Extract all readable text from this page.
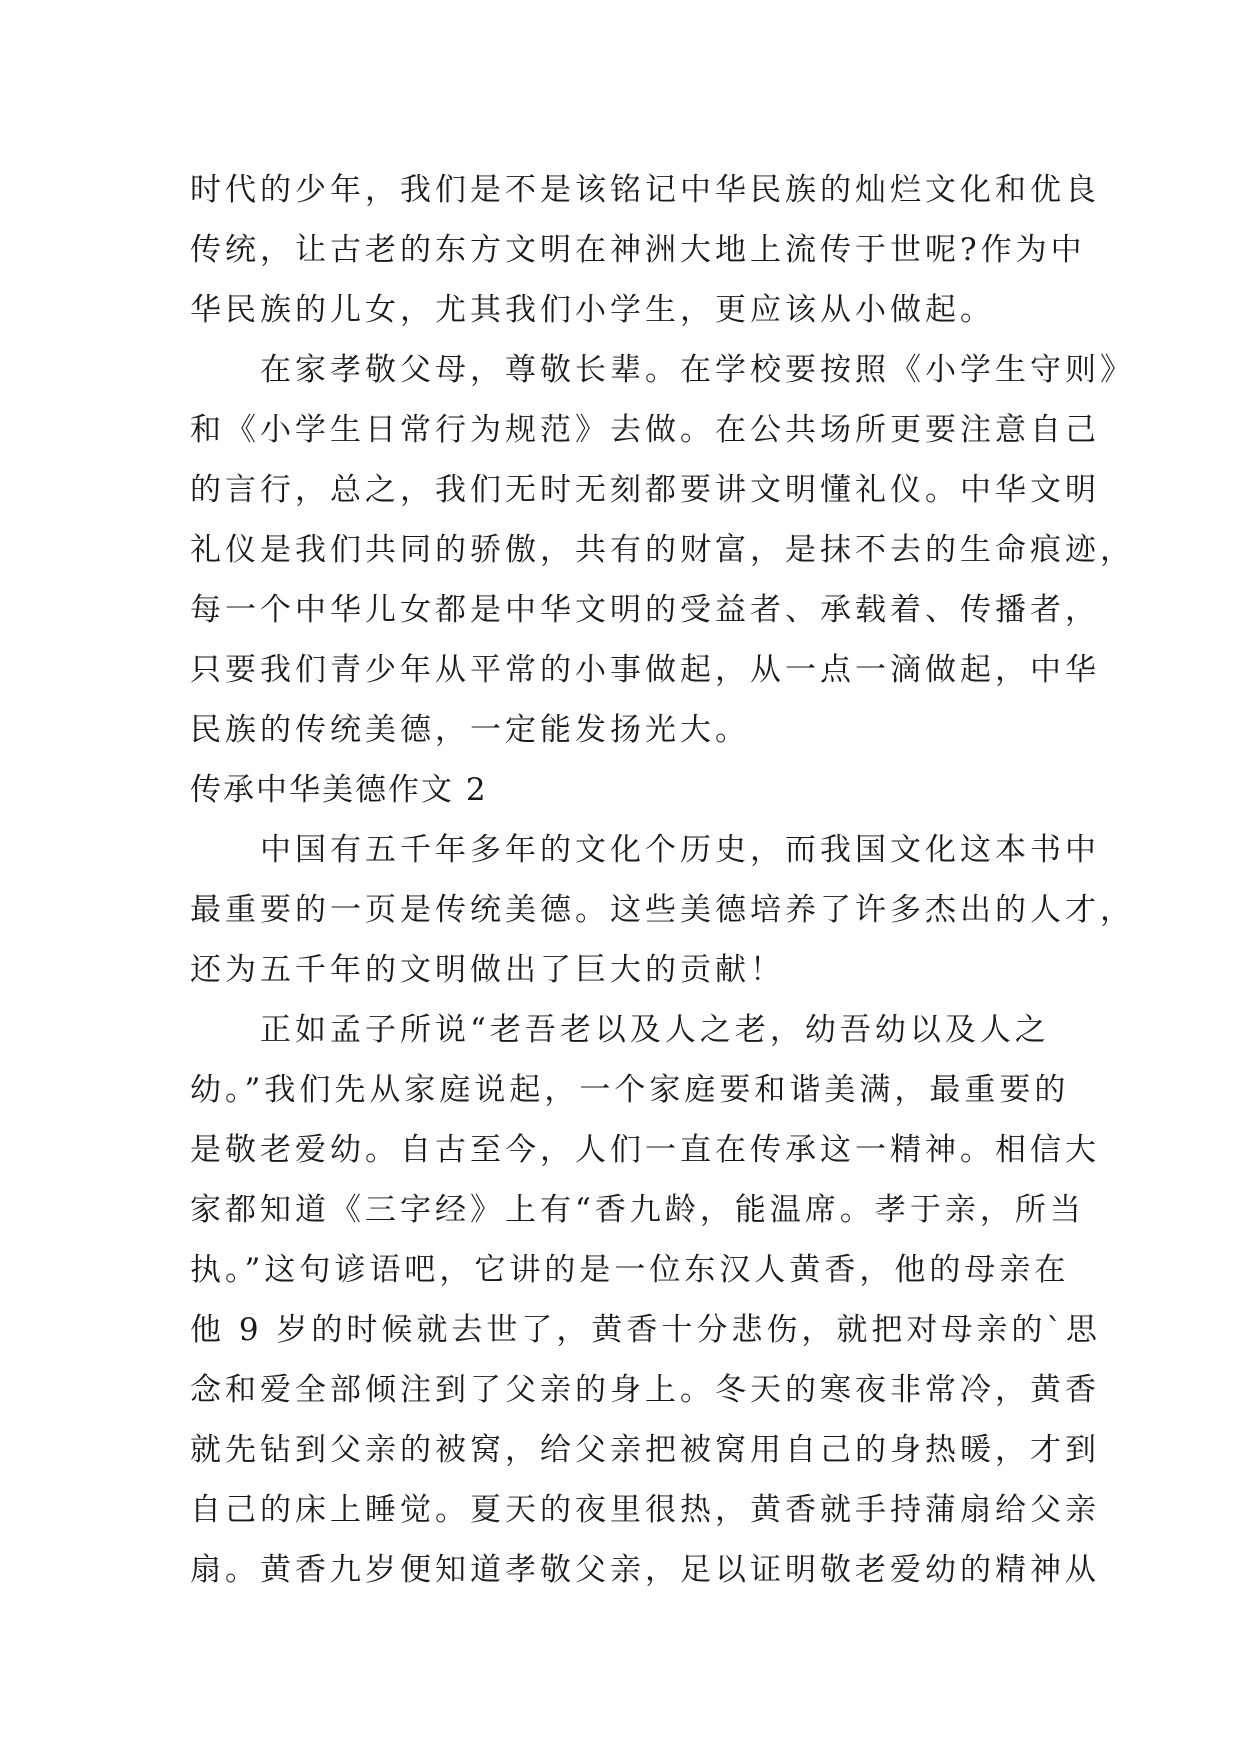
时代的少年，我们是不是该铭记中华民族的灿烂文化和优良
传统，让古老的东方文明在神洲大地上流传于世呢?作为中
华民族的儿女，尤其我们小学生，更应该从小做起。
　　在家孝敬父母，尊敬长辈。在学校要按照《小学生守则》
和《小学生日常行为规范》去做。在公共场所更要注意自己
的言行，总之，我们无时无刻都要讲文明懂礼仪。中华文明
礼仪是我们共同的骄傲，共有的财富，是抹不去的生命痕迹，
每一个中华儿女都是中华文明的受益者、承载着、传播者，
只要我们青少年从平常的小事做起，从一点一滴做起，中华
民族的传统美德，一定能发扬光大。
传承中华美德作文 2
　　中国有五千年多年的文化个历史，而我国文化这本书中
最重要的一页是传统美德。这些美德培养了许多杰出的人才，
还为五千年的文明做出了巨大的贡献！
　　正如孟子所说“老吾老以及人之老，幼吾幼以及人之
幼。”我们先从家庭说起，一个家庭要和谐美满，最重要的
是敬老爱幼。自古至今，人们一直在传承这一精神。相信大
家都知道《三字经》上有“香九龄，能温席。孝于亲，所当
执。”这句谚语吧，它讲的是一位东汉人黄香，他的母亲在
他 9 岁的时候就去世了，黄香十分悲伤，就把对母亲的`思
念和爱全部倾注到了父亲的身上。冬天的寒夜非常冷，黄香
就先钻到父亲的被窝，给父亲把被窝用自己的身热暖，才到
自己的床上睡觉。夏天的夜里很热，黄香就手持蒲扇给父亲
扇。黄香九岁便知道孝敬父亲，足以证明敬老爱幼的精神从
